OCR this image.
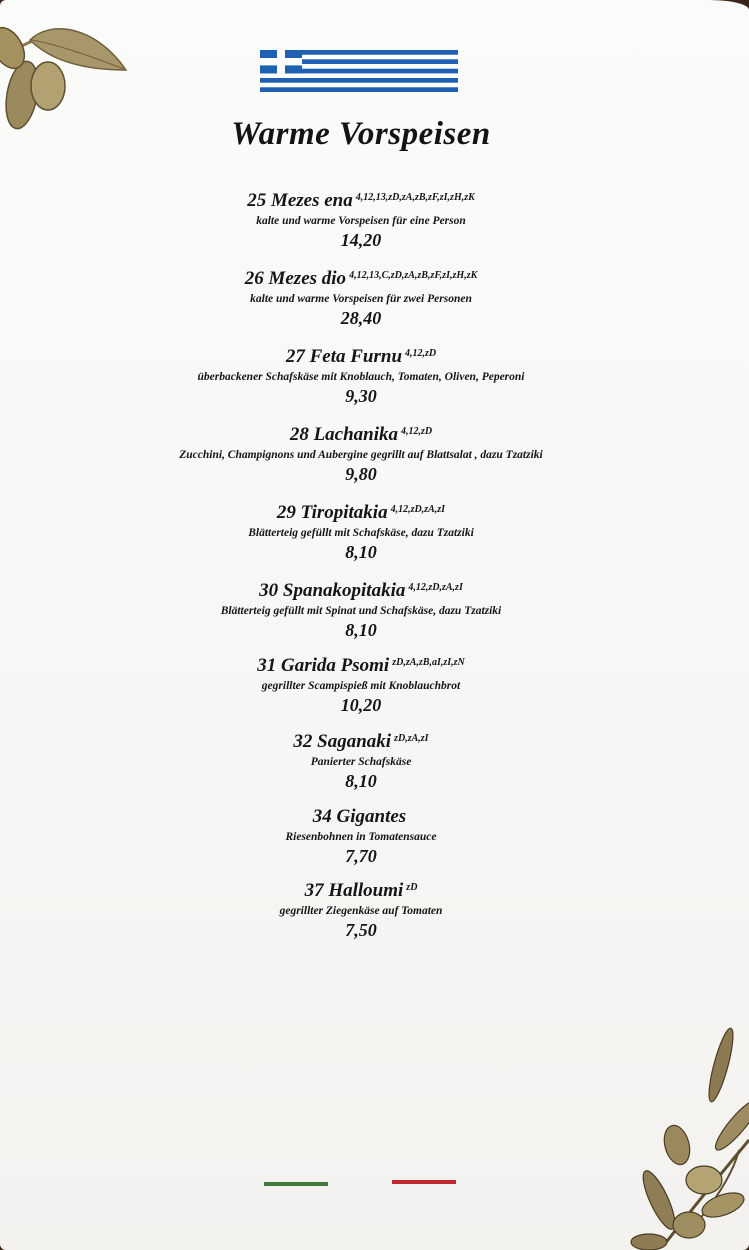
Warme Vorspeisen
25 Mezes ena $^{4,12,13,zD,zA,zB,zF,zI,zH,zK}$
kalte und warme Vorspeisen für eine Person
14,20
26 Mezes dio $^{4,12,13,C,zD,zA,zB,zF,zI,zH,zK}$
kalte und warme Vorspeisen für zwei Personen
28,40
27 Feta Furnu $^{4,12,zD}$
überbackener Schafskäse mit Knoblauch, Tomaten, Oliven, Peperoni
9,30
28 Lachanika $^{4,12,zD}$
Zucchini, Champignons und Aubergine gegrillt auf Blattsalat , dazu Tzatziki
9,80
29 Tiropitakia $^{4,12,zD,zA,zI}$
Blätterteig gefüllt mit Schafskäse, dazu Tzatziki
8,10
30 Spanakopitakia $^{4,12,zD,zA,zI}$
Blätterteig gefüllt mit Spinat und Schafskäse, dazu Tzatziki
8,10
31 Garida Psomi $^{zD,zA,zB,aI,zI,zN}$
gegrillter Scampispieß mit Knoblauchbrot
10,20
32 Saganaki $^{zD,zA,zI}$
Panierter Schafskäse
8,10
34 Gigantes
Riesenbohnen in Tomatensauce
7,70
37 Halloumi $^{zD}$
gegrillter Ziegenkäse auf Tomaten
7,50
